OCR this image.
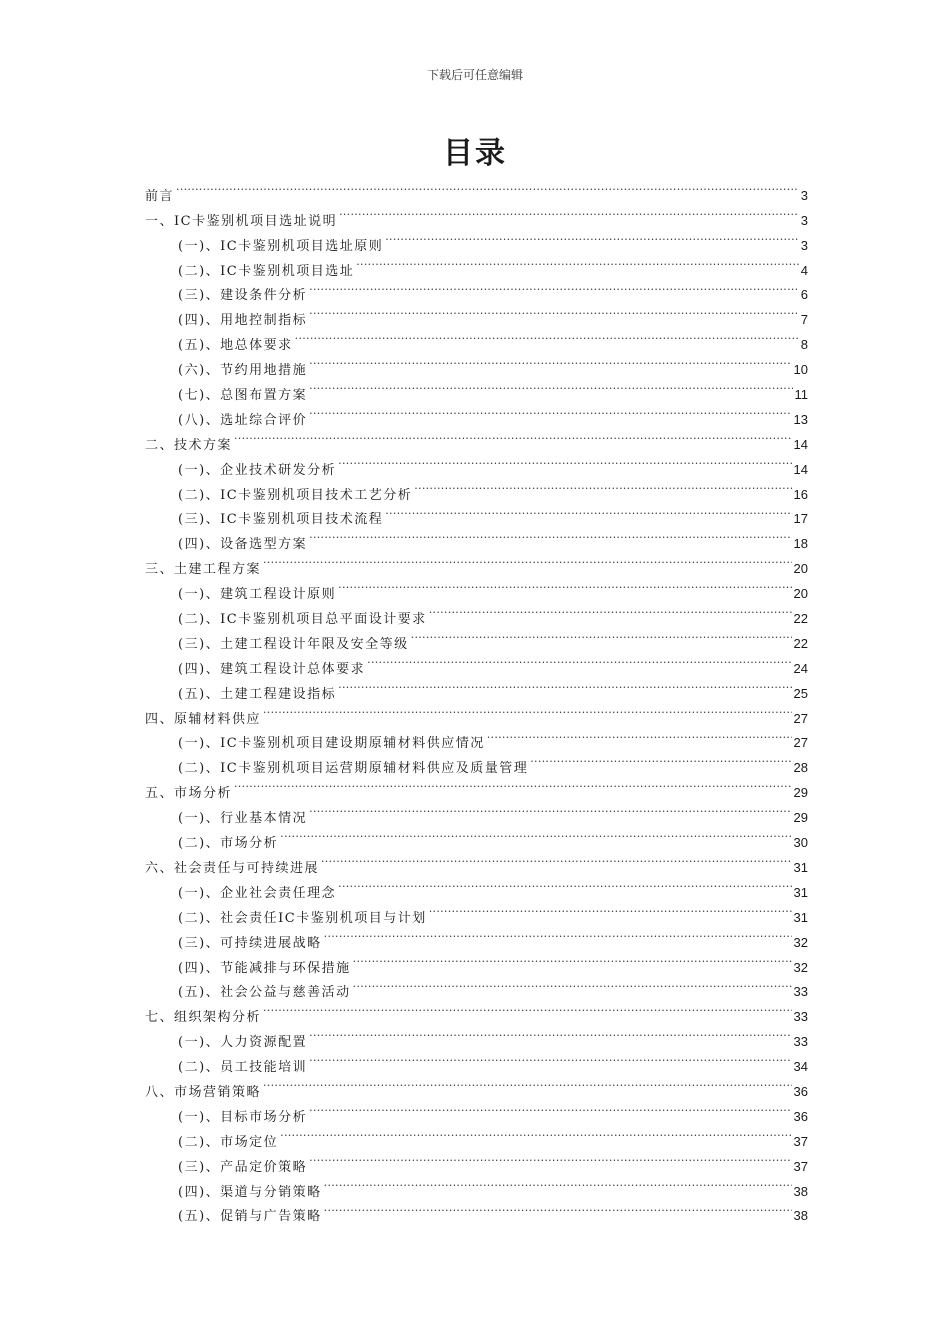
下载后可任意编辑
目录
前言 . . .	3
一、IC卡鉴别机项目选址说明 . . .	3
(一)、IC卡鉴别机项目选址原则 . . .	3
(二)、IC卡鉴别机项目选址 . . .	4
(三)、建设条件分析 . . .	6
(四)、用地控制指标 . . .	7
(五)、地总体要求 . . .	8
(六)、节约用地措施 . . .	10
(七)、总图布置方案 . . .	11
(八)、选址综合评价 . . .	13
二、技术方案 . . .	14
(一)、企业技术研发分析 . . .	14
(二)、IC卡鉴别机项目技术工艺分析 . . .	16
(三)、IC卡鉴别机项目技术流程 . . .	17
(四)、设备选型方案 . . .	18
三、土建工程方案 . . .	20
(一)、建筑工程设计原则 . . .	20
(二)、IC卡鉴别机项目总平面设计要求 . . .	22
(三)、土建工程设计年限及安全等级 . . .	22
(四)、建筑工程设计总体要求 . . .	24
(五)、土建工程建设指标 . . .	25
四、原辅材料供应 . . .	27
(一)、IC卡鉴别机项目建设期原辅材料供应情况 . . .	27
(二)、IC卡鉴别机项目运营期原辅材料供应及质量管理 . . .	28
五、市场分析 . . .	29
(一)、行业基本情况 . . .	29
(二)、市场分析 . . .	30
六、社会责任与可持续进展 . . .	31
(一)、企业社会责任理念 . . .	31
(二)、社会责任IC卡鉴别机项目与计划 . . .	31
(三)、可持续进展战略 . . .	32
(四)、节能减排与环保措施 . . .	32
(五)、社会公益与慈善活动 . . .	33
七、组织架构分析 . . .	33
(一)、人力资源配置 . . .	33
(二)、员工技能培训 . . .	34
八、市场营销策略 . . .	36
(一)、目标市场分析 . . .	36
(二)、市场定位 . . .	37
(三)、产品定价策略 . . .	37
(四)、渠道与分销策略 . . .	38
(五)、促销与广告策略 . . .	38
